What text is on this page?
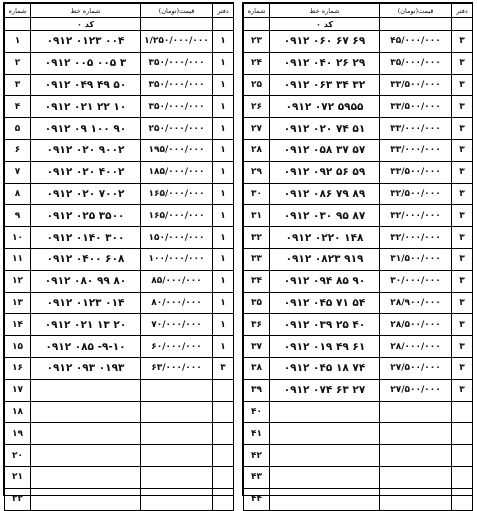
شماره	شماره خط	قیمت(تومان)	دفتر
	کد ۰		
۱	۰۹۱۲ ۰۱۲۳ ۰۰۴	۱/۲۵۰/۰۰۰/۰۰۰	۱
۲	۰۹۱۲ ۰۰۵ ۰۰۵ ۳	۳۵۰/۰۰۰/۰۰۰	۱
۳	۰۹۱۲ ۰۴۹ ۴۹ ۵۰	۳۵۰/۰۰۰/۰۰۰	۱
۴	۰۹۱۲ ۰۲۱ ۲۲ ۱۰	۳۵۰/۰۰۰/۰۰۰	۱
۵	۰۹۱۲ ۰۹ ۱۰۰ ۹۰	۲۵۰/۰۰۰/۰۰۰	۱
۶	۰۹۱۲ ۰۲۰ ۹۰۰۲	۱۹۵/۰۰۰/۰۰۰	۱
۷	۰۹۱۲ ۰۲۰ ۴۰۰۲	۱۸۵/۰۰۰/۰۰۰	۱
۸	۰۹۱۲ ۰۲۰ ۷۰۰۲	۱۶۵/۰۰۰/۰۰۰	۱
۹	۰۹۱۲ ۰۲۵ ۳۵۰۰	۱۶۵/۰۰۰/۰۰۰	۱
۱۰	۰۹۱۲ ۰۱۴۰ ۳۰۰	۱۵۰/۰۰۰/۰۰۰	۱
۱۱	۰۹۱۲ ۰۴۰۰ ۶۰۸	۱۰۰/۰۰۰/۰۰۰	۱
۱۲	۰۹۱۲ ۰۸۰ ۹۹ ۸۰	۸۵/۰۰۰/۰۰۰	۱
۱۳	۰۹۱۲ ۰۱۲۳ ۰۱۴	۸۰/۰۰۰/۰۰۰	۱
۱۴	۰۹۱۲ ۰۲۱ ۱۳ ۲۰	۷۰/۰۰۰/۰۰۰	۱
۱۵	۰۹۱۲ ۰۸۵ -۹-۱۰	۶۰/۰۰۰/۰۰۰	۱
۱۶	۰۹۱۲ ۰۹۳ ۰۱۹۳	۶۳/۰۰۰/۰۰۰	۳
۱۷			
۱۸			
۱۹			
۲۰			
۲۱			
۲۲			
شماره	شماره خط	قیمت(تومان)	دفتر
	کد ۰		
۲۳	۰۹۱۲ ۰۶۰ ۶۷ ۶۹	۴۵/۰۰۰/۰۰۰	۳
۲۴	۰۹۱۲ ۰۴۰ ۲۶ ۲۹	۳۵/۰۰۰/۰۰۰	۳
۲۵	۰۹۱۲ ۰۶۳ ۳۴ ۳۲	۳۳/۵۰۰/۰۰۰	۳
۲۶	۰۹۱۲ ۰۷۲ ۵۹۵۵	۳۳/۵۰۰/۰۰۰	۳
۲۷	۰۹۱۲ ۰۲۰ ۷۴ ۵۱	۳۳/۰۰۰/۰۰۰	۳
۲۸	۰۹۱۲ ۰۵۸ ۳۷ ۵۷	۳۳/۰۰۰/۰۰۰	۳
۲۹	۰۹۱۲ ۰۹۲ ۵۶ ۵۹	۳۳/۵۰۰/۰۰۰	۳
۳۰	۰۹۱۲ ۰۸۶ ۷۹ ۸۹	۳۲/۵۰۰/۰۰۰	۳
۳۱	۰۹۱۲ ۰۳۰ ۹۵ ۸۷	۳۲/۰۰۰/۰۰۰	۳
۳۲	۰۹۱۲ ۰۲۲۰ ۱۴۸	۳۲/۰۰۰/۰۰۰	۳
۳۳	۰۹۱۲ ۰۸۲۳ ۹۱۹	۳۱/۵۰۰/۰۰۰	۳
۳۴	۰۹۱۲ ۰۹۴ ۸۵ ۹۰	۳۰/۰۰۰/۰۰۰	۳
۳۵	۰۹۱۲ ۰۴۵ ۷۱ ۵۴	۲۸/۹۰۰/۰۰۰	۳
۳۶	۰۹۱۲ ۰۳۹ ۲۵ ۴۰	۲۸/۵۰۰/۰۰۰	۳
۳۷	۰۹۱۲ ۰۱۹ ۴۹ ۶۱	۲۸/۰۰۰/۰۰۰	۳
۳۸	۰۹۱۲ ۰۴۵ ۱۸ ۷۴	۲۷/۵۰۰/۰۰۰	۳
۳۹	۰۹۱۲ ۰۷۴ ۶۳ ۲۷	۲۷/۵۰۰/۰۰۰	۳
۴۰			
۴۱			
۴۲			
۴۳			
۴۴			
